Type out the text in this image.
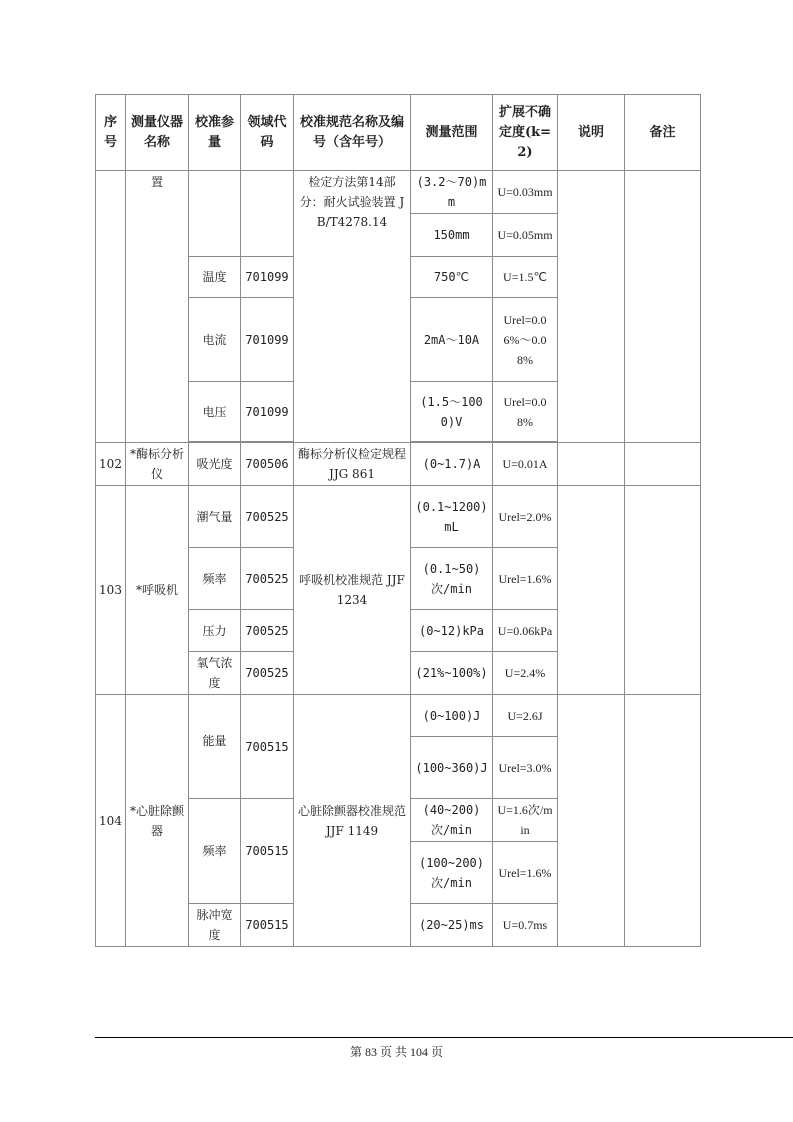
序号	测量仪器名称	校准参量	领域代码	校准规范名称及编号（含年号）	测量范围	扩展不确定度(k=2)	说明	备注
	置			检定方法第14部分：耐火试验装置 JB/T4278.14	(3.2～70)mm	U=0.03mm		
					150mm	U=0.05mm		
		温度	701099		750℃	U=1.5℃		
		电流	701099		2mA～10A	Urel=0.06%～0.08%		
		电压	701099		(1.5～1000)V	Urel=0.08%		

102	*酶标分析仪	吸光度	700506	酶标分析仪检定规程 JJG 861	(0~1.7)A	U=0.01A		
103	*呼吸机	潮气量	700525	呼吸机校准规范 JJF 1234	(0.1~1200)mL	Urel=2.0%		
		频率	700525		(0.1~50)次/min	Urel=1.6%		
		压力	700525		(0~12)kPa	U=0.06kPa		
		氧气浓度	700525		(21%~100%)	U=2.4%		
104	*心脏除颤器	能量	700515	心脏除颤器校准规范 JJF 1149	(0~100)J	U=2.6J		
					(100~360)J	Urel=3.0%		
		频率	700515		(40~200)次/min	U=1.6次/min		
					(100~200)次/min	Urel=1.6%		
		脉冲宽度	700515		(20~25)ms	U=0.7ms		
第 83 页 共 104 页
